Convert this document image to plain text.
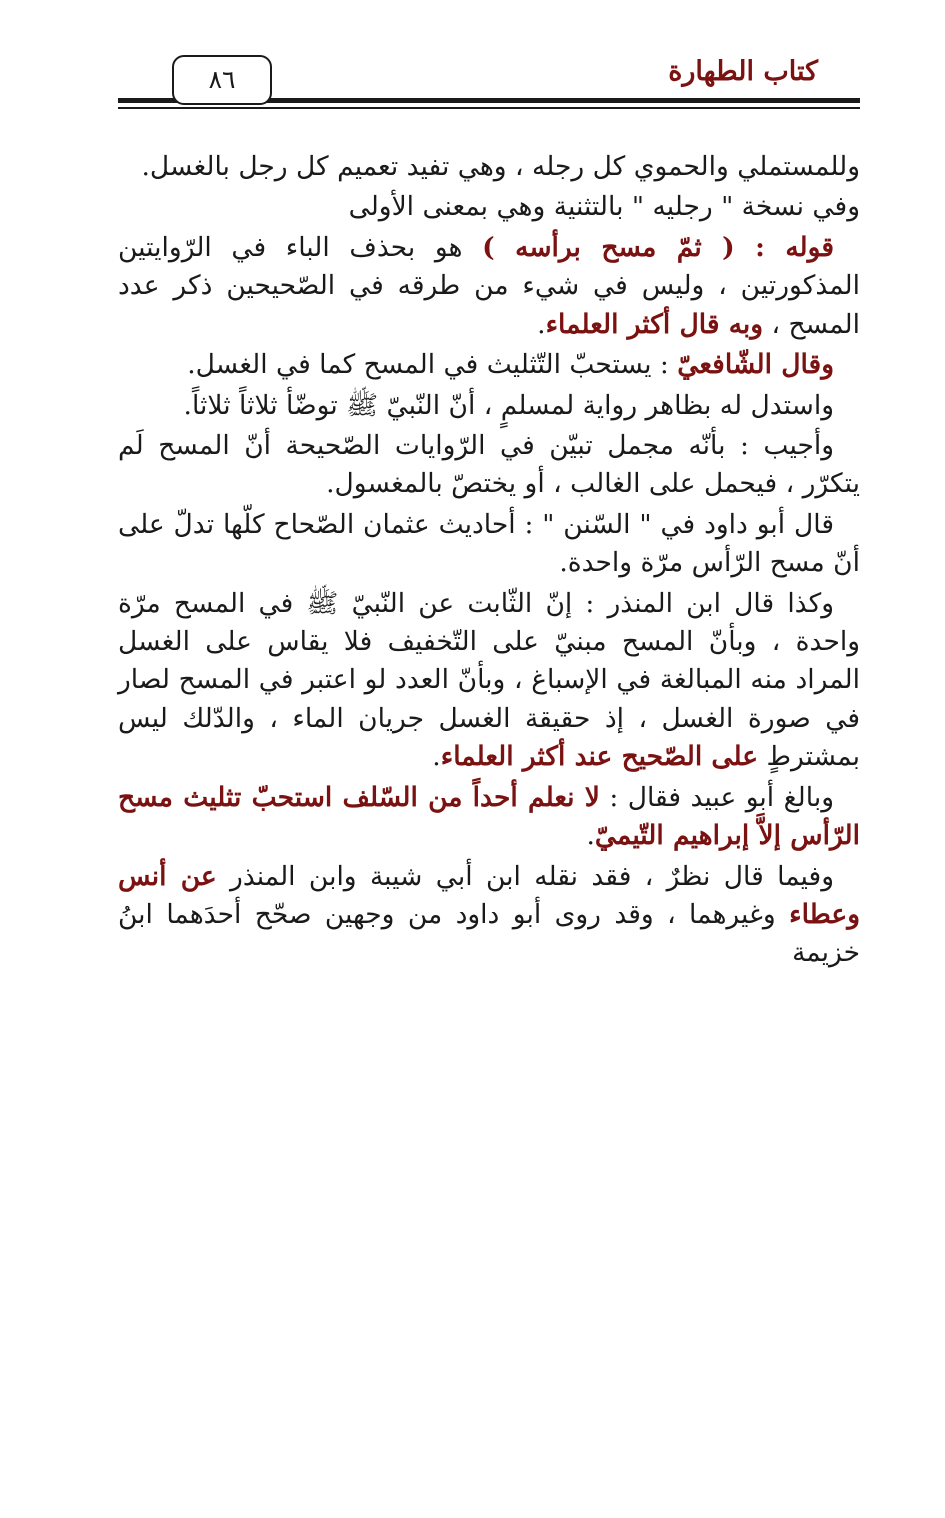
كتاب الطهارة
٨٦

وللمستملي والحموي كل رجله ، وهي تفيد تعميم كل رجل بالغسل.

وفي نسخة " رجليه " بالتثنية وهي بمعنى الأولى

قوله : ( ثمّ مسح برأسه ) هو بحذف الباء في الرّوايتين المذكورتين ، وليس في شيء من طرقه في الصّحيحين ذكر عدد المسح ، وبه قال أكثر العلماء.

وقال الشّافعيّ : يستحبّ التّثليث في المسح كما في الغسل.

واستدل له بظاهر رواية لمسلمٍ ، أنّ النّبيّ ﷺ توضّأ ثلاثاً ثلاثاً.

وأجيب : بأنّه مجمل تبيّن في الرّوايات الصّحيحة أنّ المسح لَم يتكرّر ، فيحمل على الغالب ، أو يختصّ بالمغسول.

قال أبو داود في " السّنن " : أحاديث عثمان الصّحاح كلّها تدلّ على أنّ مسح الرّأس مرّة واحدة.

وكذا قال ابن المنذر : إنّ الثّابت عن النّبيّ ﷺ في المسح مرّة واحدة ، وبأنّ المسح مبنيّ على التّخفيف فلا يقاس على الغسل المراد منه المبالغة في الإسباغ ، وبأنّ العدد لو اعتبر في المسح لصار في صورة الغسل ، إذ حقيقة الغسل جريان الماء ، والدّلك ليس بمشترطٍ على الصّحيح عند أكثر العلماء.

وبالغ أبو عبيد فقال : لا نعلم أحداً من السّلف استحبّ تثليث مسح الرّأس إلاَّ إبراهيم التّيميّ.

وفيما قال نظرٌ ، فقد نقله ابن أبي شيبة وابن المنذر عن أنس وعطاء وغيرهما ، وقد روى أبو داود من وجهين صحّح أحدَهما ابنُ خزيمة
